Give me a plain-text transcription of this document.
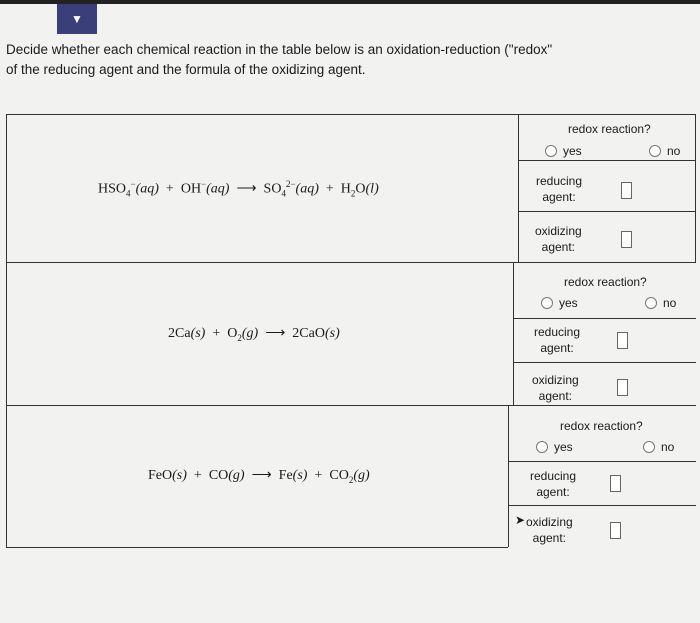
▼
Decide whether each chemical reaction in the table below is an oxidation-reduction ("redox"
of the reducing agent and the formula of the oxidizing agent.
$HSO_4^-(aq) + OH^-(aq)$ ⟶ $SO_4^{2-}(aq) + H_2O(l)$
redox reaction?
yes	no
reducing
agent:
oxidizing
agent:
$2Ca(s) + O_2(g)$ ⟶ 2CaO(s)
redox reaction?
yes	no
reducing
agent:
oxidizing
agent:
FeO(s) + CO(g) ⟶ $Fe(s) + CO_2(g)$
redox reaction?
yes	no
reducing
agent:
➤ oxidizing
agent:
